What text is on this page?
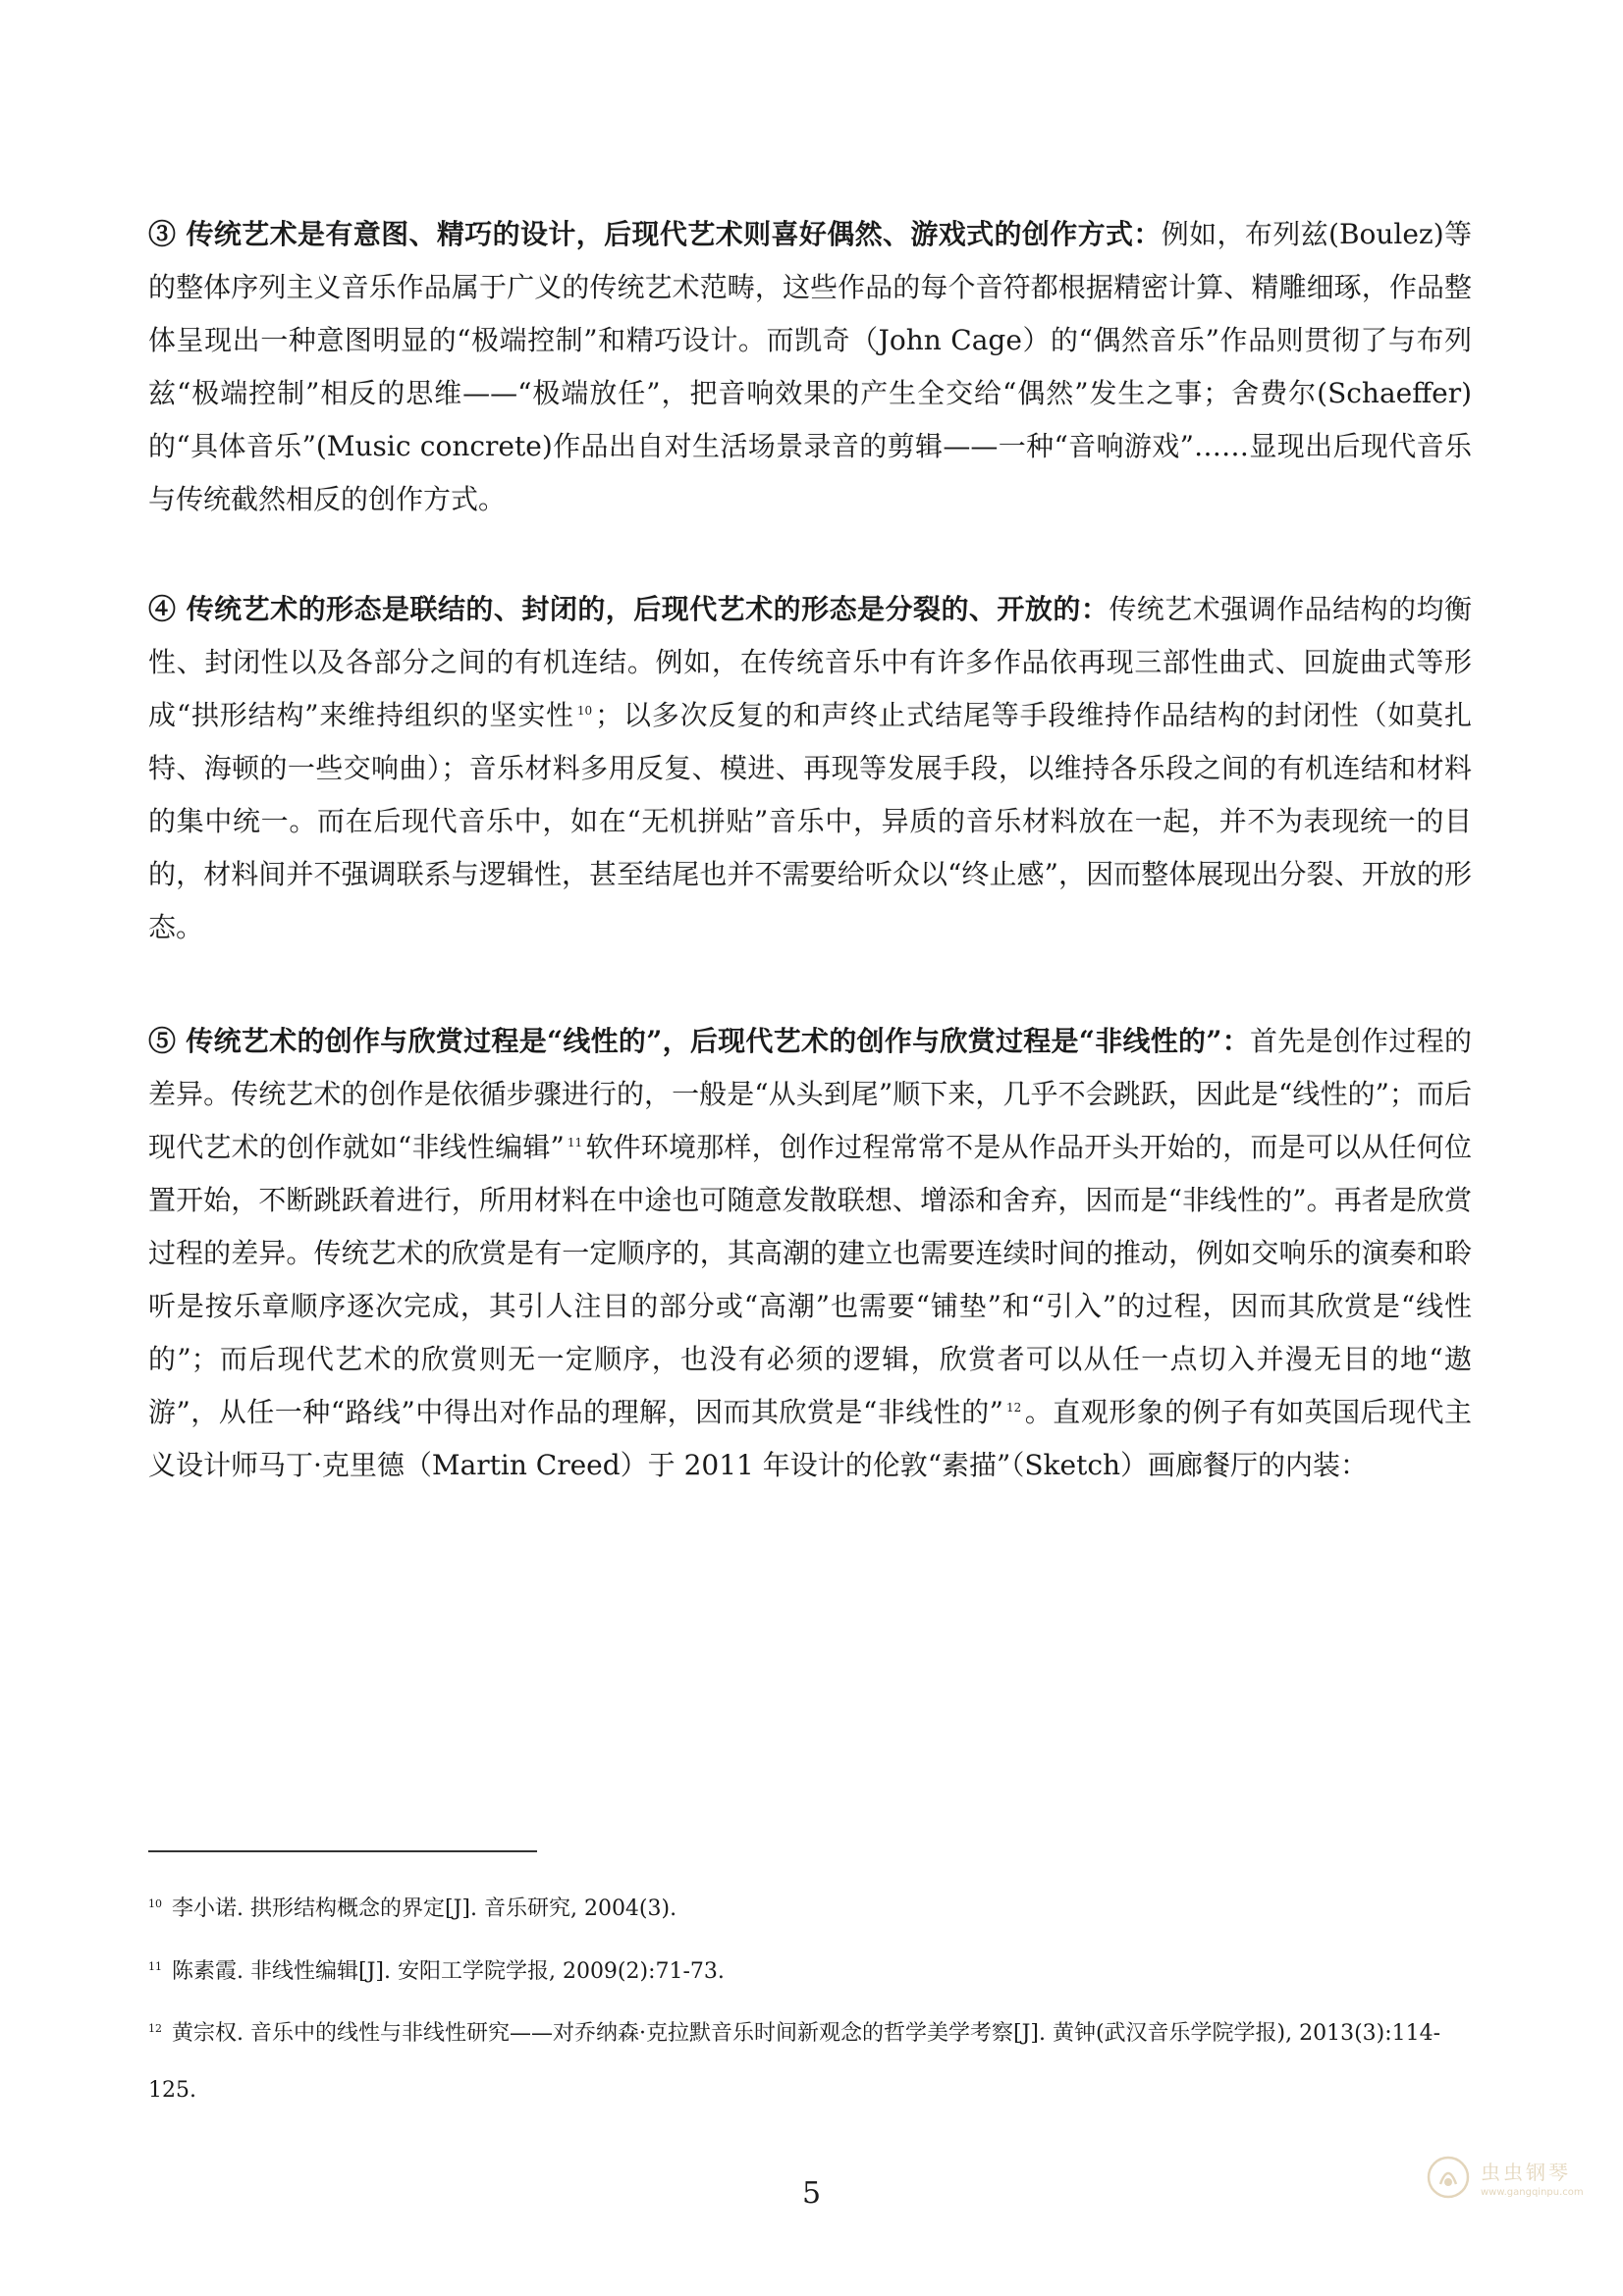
③ 传统艺术是有意图、精巧的设计，后现代艺术则喜好偶然、游戏式的创作方式：例如，布列兹(Boulez)等的整体序列主义音乐作品属于广义的传统艺术范畴，这些作品的每个音符都根据精密计算、精雕细琢，作品整体呈现出一种意图明显的“极端控制”和精巧设计。而凯奇（John Cage）的“偶然音乐”作品则贯彻了与布列兹“极端控制”相反的思维——“极端放任”，把音响效果的产生全交给“偶然”发生之事；舍费尔(Schaeffer)的“具体音乐”(Music concrete)作品出自对生活场景录音的剪辑——一种“音响游戏”……显现出后现代音乐与传统截然相反的创作方式。

④ 传统艺术的形态是联结的、封闭的，后现代艺术的形态是分裂的、开放的：传统艺术强调作品结构的均衡性、封闭性以及各部分之间的有机连结。例如，在传统音乐中有许多作品依再现三部性曲式、回旋曲式等形成“拱形结构”来维持组织的坚实性 $^{10}$ ；以多次反复的和声终止式结尾等手段维持作品结构的封闭性（如莫扎特、海顿的一些交响曲）；音乐材料多用反复、模进、再现等发展手段，以维持各乐段之间的有机连结和材料的集中统一。而在后现代音乐中，如在“无机拼贴”音乐中，异质的音乐材料放在一起，并不为表现统一的目的，材料间并不强调联系与逻辑性，甚至结尾也并不需要给听众以“终止感”，因而整体展现出分裂、开放的形态。

⑤ 传统艺术的创作与欣赏过程是“线性的”，后现代艺术的创作与欣赏过程是“非线性的”：首先是创作过程的差异。传统艺术的创作是依循步骤进行的，一般是“从头到尾”顺下来，几乎不会跳跃，因此是“线性的”；而后现代艺术的创作就如“非线性编辑” $^{11}$ 软件环境那样，创作过程常常不是从作品开头开始的，而是可以从任何位置开始，不断跳跃着进行，所用材料在中途也可随意发散联想、增添和舍弃，因而是“非线性的”。再者是欣赏过程的差异。传统艺术的欣赏是有一定顺序的，其高潮的建立也需要连续时间的推动，例如交响乐的演奏和聆听是按乐章顺序逐次完成，其引人注目的部分或“高潮”也需要“铺垫”和“引入”的过程，因而其欣赏是“线性的”；而后现代艺术的欣赏则无一定顺序，也没有必须的逻辑，欣赏者可以从任一点切入并漫无目的地“遨游”，从任一种“路线”中得出对作品的理解，因而其欣赏是“非线性的” $^{12}$ 。直观形象的例子有如英国后现代主义设计师马丁·克里德（Martin Creed）于 2011 年设计的伦敦“素描”（Sketch）画廊餐厅的内装：

$^{10}$ 李小诺. 拱形结构概念的界定[J]. 音乐研究, 2004(3).

$^{11}$ 陈素霞. 非线性编辑[J]. 安阳工学院学报, 2009(2):71-73.

$^{12}$ 黄宗权. 音乐中的线性与非线性研究——对乔纳森·克拉默音乐时间新观念的哲学美学考察[J]. 黄钟(武汉音乐学院学报), 2013(3):114-125.

5
虫虫钢琴
www.gangqinpu.com
